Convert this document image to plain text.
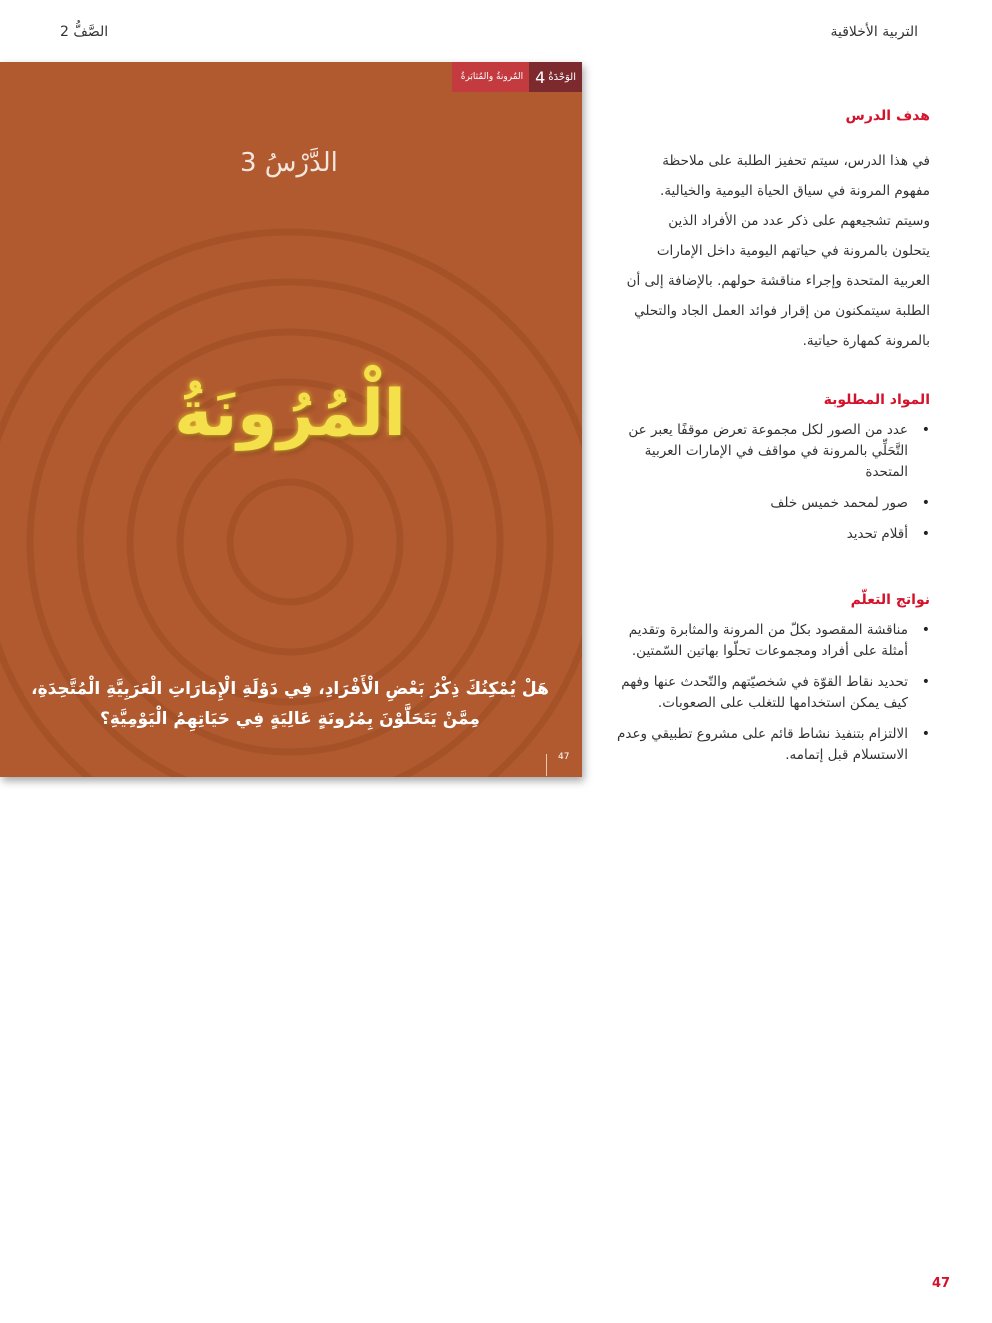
التربية الأخلاقية
الصَّفُّ 2
الوَحْدَةُ
4
المُرونةُ والمُثابَرةُ
الدَّرْسُ 3
الْمُرُونَةُ
هَلْ يُمْكِنُكَ ذِكْرُ بَعْضِ الْأَفْرَادِ، فِي دَوْلَةِ الْإِمَارَاتِ الْعَرَبِيَّةِ الْمُتَّحِدَةِ،
مِمَّنْ يَتَحَلَّوْنَ بِمُرُونَةٍ عَالِيَةٍ فِي حَيَاتِهِمُ الْيَوْمِيَّةِ؟
47
هدف الدرس
في هذا الدرس، سيتم تحفيز الطلبة على ملاحظة
مفهوم المرونة في سياق الحياة اليومية والخيالية.
وسيتم تشجيعهم على ذكر عدد من الأفراد الذين
يتحلون بالمرونة في حياتهم اليومية داخل الإمارات
العربية المتحدة وإجراء مناقشة حولهم. بالإضافة إلى أن
الطلبة سيتمكنون من إقرار فوائد العمل الجاد والتحلي
بالمرونة كمهارة حياتية.
المواد المطلوبة
•
عدد من الصور لكل مجموعة تعرض موقفًا يعبر عن التَّحَلِّي بالمرونة في مواقف في الإمارات العربية المتحدة
•
صور لمحمد خميس خلف
•
أقلام تحديد
نواتج التعلّم
•
مناقشة المقصود بكلّ من المرونة والمثابرة وتقديم أمثلة على أفراد ومجموعات تحلّوا بهاتين السّمتين.
•
تحديد نقاط القوّة في شخصيّتهم والتّحدث عنها وفهم كيف يمكن استخدامها للتغلب على الصعوبات.
•
الالتزام بتنفيذ نشاط قائم على مشروع تطبيقي وعدم الاستسلام قبل إتمامه.
47
